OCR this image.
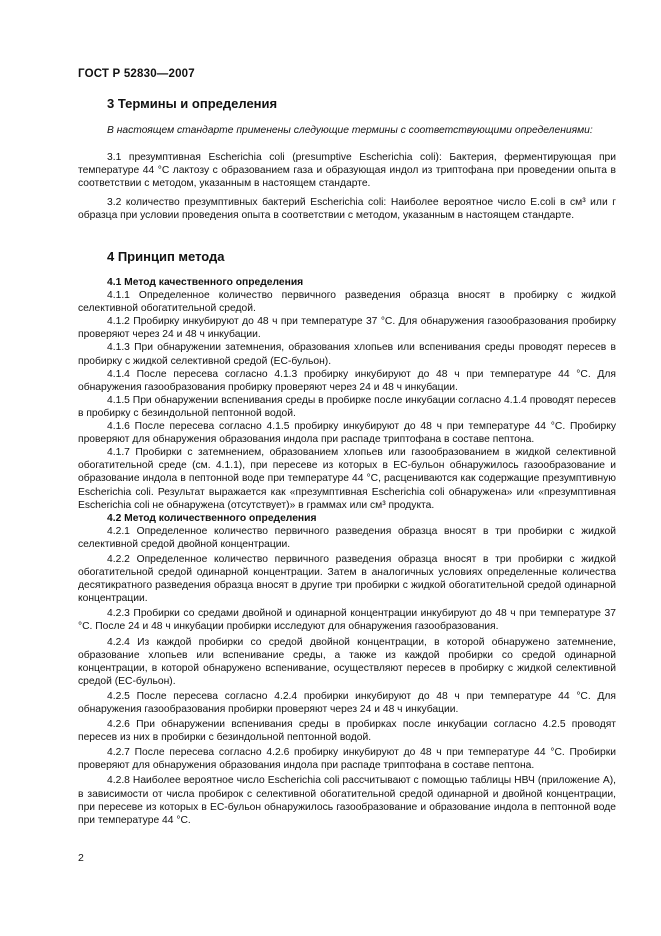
ГОСТ Р 52830—2007
3 Термины и определения
В настоящем стандарте применены следующие термины с соответствующими определениями:

3.1 презумптивная Escherichia coli (presumptive Escherichia coli): Бактерия, ферментирующая при температуре 44 °С лактозу с образованием газа и образующая индол из триптофана при проведении опыта в соответствии с методом, указанным в настоящем стандарте.

3.2 количество презумптивных бактерий Escherichia coli: Наиболее вероятное число E.coli в см³ или г образца при условии проведения опыта в соответствии с методом, указанным в настоящем стандарте.

4 Принцип метода

4.1 Метод качественного определения

4.1.1 Определенное количество первичного разведения образца вносят в пробирку с жидкой селективной обогатительной средой.

4.1.2 Пробирку инкубируют до 48 ч при температуре 37 °С. Для обнаружения газообразования пробирку проверяют через 24 и 48 ч инкубации.

4.1.3 При обнаружении затемнения, образования хлопьев или вспенивания среды проводят пересев в пробирку с жидкой селективной средой (ЕС-бульон).

4.1.4 После пересева согласно 4.1.3 пробирку инкубируют до 48 ч при температуре 44 °С. Для обнаружения газообразования пробирку проверяют через 24 и 48 ч инкубации.

4.1.5 При обнаружении вспенивания среды в пробирке после инкубации согласно 4.1.4 проводят пересев в пробирку с безиндольной пептонной водой.

4.1.6 После пересева согласно 4.1.5 пробирку инкубируют до 48 ч при температуре 44 °С. Пробирку проверяют для обнаружения образования индола при распаде триптофана в составе пептона.

4.1.7 Пробирки с затемнением, образованием хлопьев или газообразованием в жидкой селективной обогатительной среде (см. 4.1.1), при пересеве из которых в ЕС-бульон обнаружилось газообразование и образование индола в пептонной воде при температуре 44 °С, расцениваются как содержащие презумптивную Escherichia coli. Результат выражается как «презумптивная Escherichia coli обнаружена» или «презумптивная Escherichia coli не обнаружена (отсутствует)» в граммах или см³ продукта.

4.2 Метод количественного определения

4.2.1 Определенное количество первичного разведения образца вносят в три пробирки с жидкой селективной средой двойной концентрации.

4.2.2 Определенное количество первичного разведения образца вносят в три пробирки с жидкой обогатительной средой одинарной концентрации. Затем в аналогичных условиях определенные количества десятикратного разведения образца вносят в другие три пробирки с жидкой обогатительной средой одинарной концентрации.

4.2.3 Пробирки со средами двойной и одинарной концентрации инкубируют до 48 ч при температуре 37 °С. После 24 и 48 ч инкубации пробирки исследуют для обнаружения газообразования.

4.2.4 Из каждой пробирки со средой двойной концентрации, в которой обнаружено затемнение, образование хлопьев или вспенивание среды, а также из каждой пробирки со средой одинарной концентрации, в которой обнаружено вспенивание, осуществляют пересев в пробирку с жидкой селективной средой (ЕС-бульон).

4.2.5 После пересева согласно 4.2.4 пробирки инкубируют до 48 ч при температуре 44 °С. Для обнаружения газообразования пробирки проверяют через 24 и 48 ч инкубации.

4.2.6 При обнаружении вспенивания среды в пробирках после инкубации согласно 4.2.5 проводят пересев из них в пробирки с безиндольной пептонной водой.

4.2.7 После пересева согласно 4.2.6 пробирку инкубируют до 48 ч при температуре 44 °С. Пробирки проверяют для обнаружения образования индола при распаде триптофана в составе пептона.

4.2.8 Наиболее вероятное число Escherichia coli рассчитывают с помощью таблицы НВЧ (приложение А), в зависимости от числа пробирок с селективной обогатительной средой одинарной и двойной концентрации, при пересеве из которых в ЕС-бульон обнаружилось газообразование и образование индола в пептонной воде при температуре 44 °С.

2
